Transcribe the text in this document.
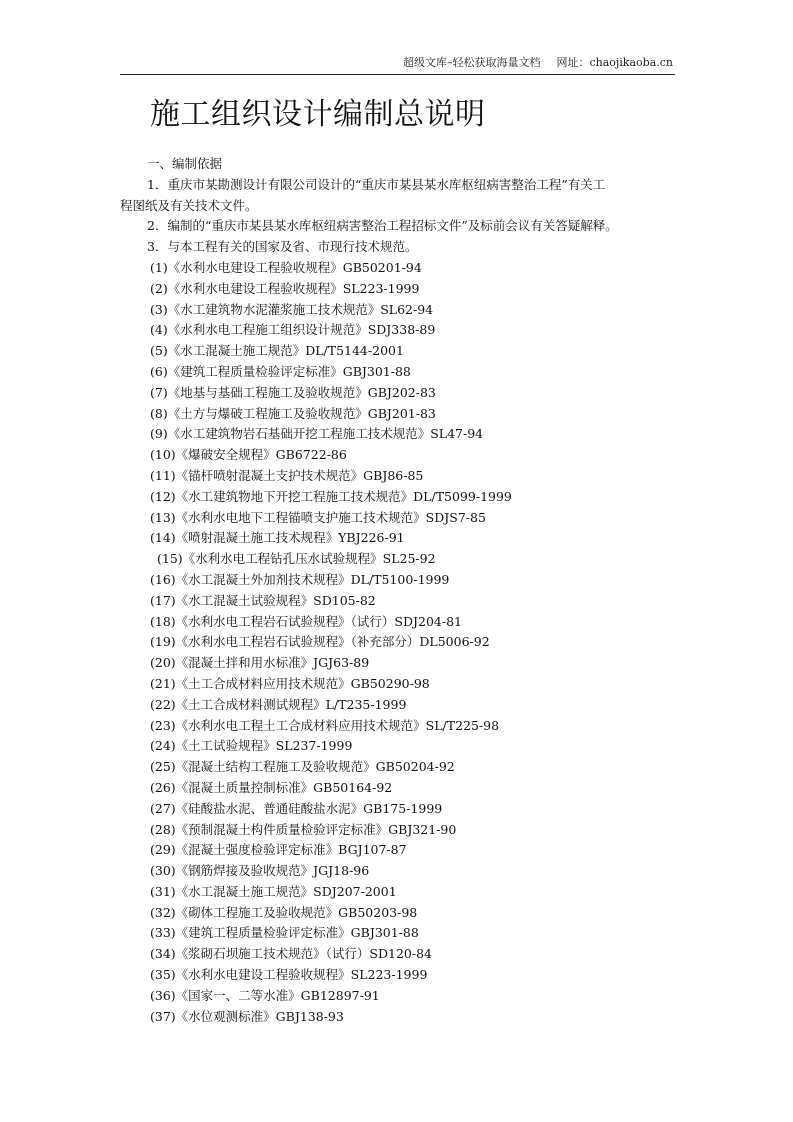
超级文库–轻松获取海量文档 网址：chaojikaoba.cn
施工组织设计编制总说明

一、编制依据

1．重庆市某勘测设计有限公司设计的“重庆市某县某水库枢纽病害整治工程”有关工

程图纸及有关技术文件。

2．编制的“重庆市某县某水库枢纽病害整治工程招标文件”及标前会议有关答疑解释。

3．与本工程有关的国家及省、市现行技术规范。

(1)《水利水电建设工程验收规程》GB50201-94

(2)《水利水电建设工程验收规程》SL223-1999

(3)《水工建筑物水泥灌浆施工技术规范》SL62-94

(4)《水利水电工程施工组织设计规范》SDJ338-89

(5)《水工混凝土施工规范》DL/T5144-2001

(6)《建筑工程质量检验评定标准》GBJ301-88

(7)《地基与基础工程施工及验收规范》GBJ202-83

(8)《土方与爆破工程施工及验收规范》GBJ201-83

(9)《水工建筑物岩石基础开挖工程施工技术规范》SL47-94

(10)《爆破安全规程》GB6722-86

(11)《锚杆喷射混凝土支护技术规范》GBJ86-85

(12)《水工建筑物地下开挖工程施工技术规范》DL/T5099-1999

(13)《水利水电地下工程锚喷支护施工技术规范》SDJS7-85

(14)《喷射混凝土施工技术规程》YBJ226-91

(15)《水利水电工程钻孔压水试验规程》SL25-92

(16)《水工混凝土外加剂技术规程》DL/T5100-1999

(17)《水工混凝土试验规程》SD105-82

(18)《水利水电工程岩石试验规程》（试行）SDJ204-81

(19)《水利水电工程岩石试验规程》（补充部分）DL5006-92

(20)《混凝土拌和用水标准》JGJ63-89

(21)《土工合成材料应用技术规范》GB50290-98

(22)《土工合成材料测试规程》L/T235-1999

(23)《水利水电工程土工合成材料应用技术规范》SL/T225-98

(24)《土工试验规程》SL237-1999

(25)《混凝土结构工程施工及验收规范》GB50204-92

(26)《混凝土质量控制标准》GB50164-92

(27)《硅酸盐水泥、普通硅酸盐水泥》GB175-1999

(28)《预制混凝土构件质量检验评定标准》GBJ321-90

(29)《混凝土强度检验评定标准》BGJ107-87

(30)《钢筋焊接及验收规范》JGJ18-96

(31)《水工混凝土施工规范》SDJ207-2001

(32)《砌体工程施工及验收规范》GB50203-98

(33)《建筑工程质量检验评定标准》GBJ301-88

(34)《浆砌石坝施工技术规范》（试行）SD120-84

(35)《水利水电建设工程验收规程》SL223-1999

(36)《国家一、二等水准》GB12897-91

(37)《水位观测标准》GBJ138-93
